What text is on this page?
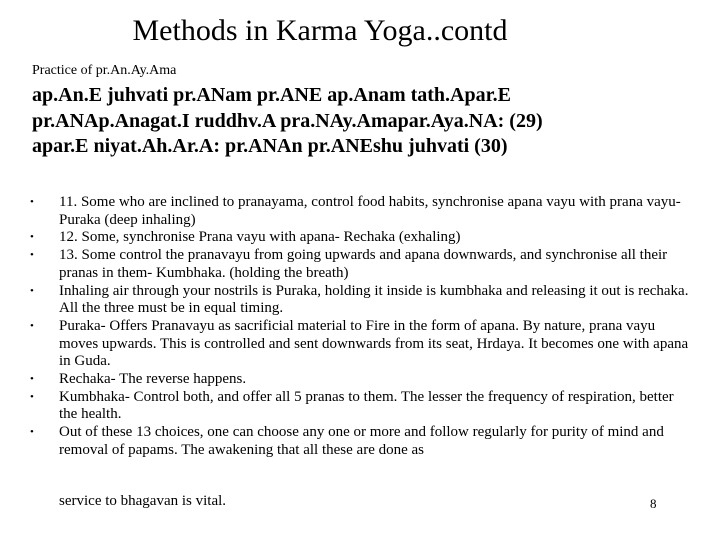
Methods in Karma Yoga..contd
Practice of pr.An.Ay.Ama
ap.An.E juhvati pr.ANam pr.ANE ap.Anam tath.Apar.E
pr.ANAp.Anagat.I ruddhv.A pra.NAy.Amapar.Aya.NA: (29)
apar.E niyat.Ah.Ar.A: pr.ANAn pr.ANEshu juhvati (30)
• 11. Some who are inclined to pranayama, control food habits, synchronise apana vayu with prana vayu- Puraka (deep inhaling)
• 12. Some, synchronise Prana vayu with apana- Rechaka (exhaling)
• 13. Some control the pranavayu from going upwards and apana downwards, and synchronise all their pranas in them- Kumbhaka. (holding the breath)
• Inhaling air through your nostrils is Puraka, holding it inside is kumbhaka and releasing it out is rechaka. All the three must be in equal timing.
• Puraka- Offers Pranavayu as sacrificial material to Fire in the form of apana. By nature, prana vayu moves upwards. This is controlled and sent downwards from its seat, Hrdaya. It becomes one with apana in Guda.
• Rechaka- The reverse happens.
• Kumbhaka- Control both, and offer all 5 pranas to them. The lesser the frequency of respiration, better the health.
• Out of these 13 choices, one can choose any one or more and follow regularly for purity of mind and removal of papams. The awakening that all these are done as
service to bhagavan is vital.	8
